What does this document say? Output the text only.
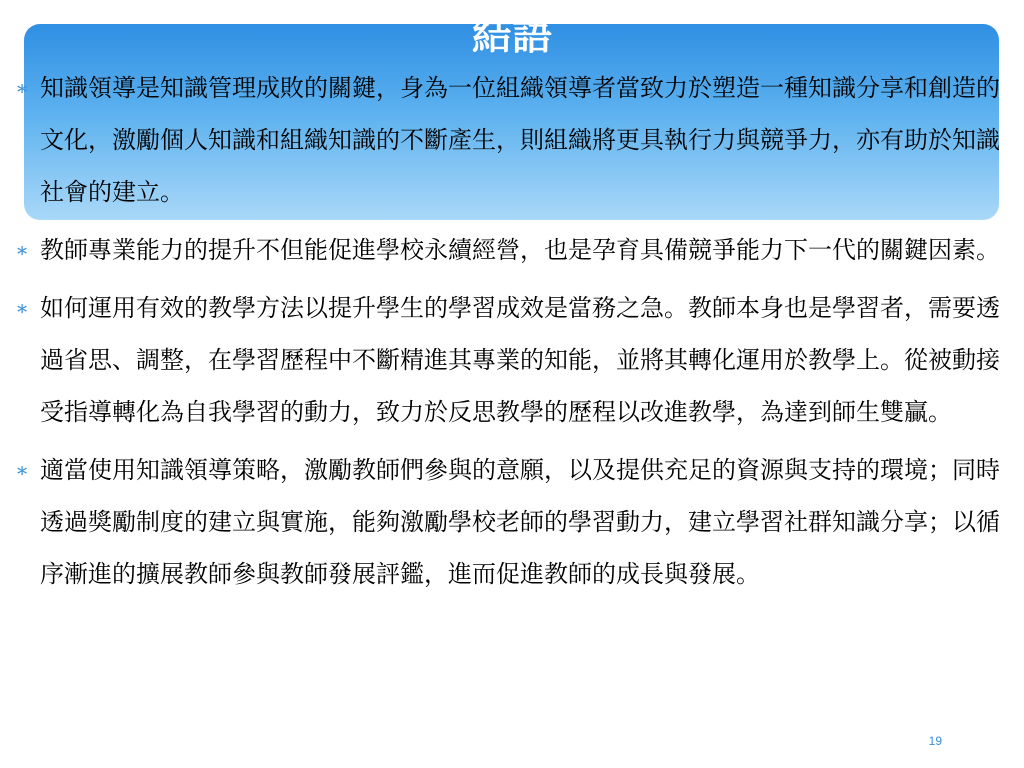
結語
∗ 知識領導是知識管理成敗的關鍵，身為一位組織領導者當致力於塑造一種知識分享和創造的文化，激勵個人知識和組織知識的不斷產生，則組織將更具執行力與競爭力，亦有助於知識社會的建立。
∗ 教師專業能力的提升不但能促進學校永續經營，也是孕育具備競爭能力下一代的關鍵因素。
∗ 如何運用有效的教學方法以提升學生的學習成效是當務之急。教師本身也是學習者，需要透過省思、調整，在學習歷程中不斷精進其專業的知能，並將其轉化運用於教學上。從被動接受指導轉化為自我學習的動力，致力於反思教學的歷程以改進教學，為達到師生雙贏。
∗ 適當使用知識領導策略，激勵教師們參與的意願，以及提供充足的資源與支持的環境；同時透過獎勵制度的建立與實施，能夠激勵學校老師的學習動力，建立學習社群知識分享；以循序漸進的擴展教師參與教師發展評鑑，進而促進教師的成長與發展。
19
